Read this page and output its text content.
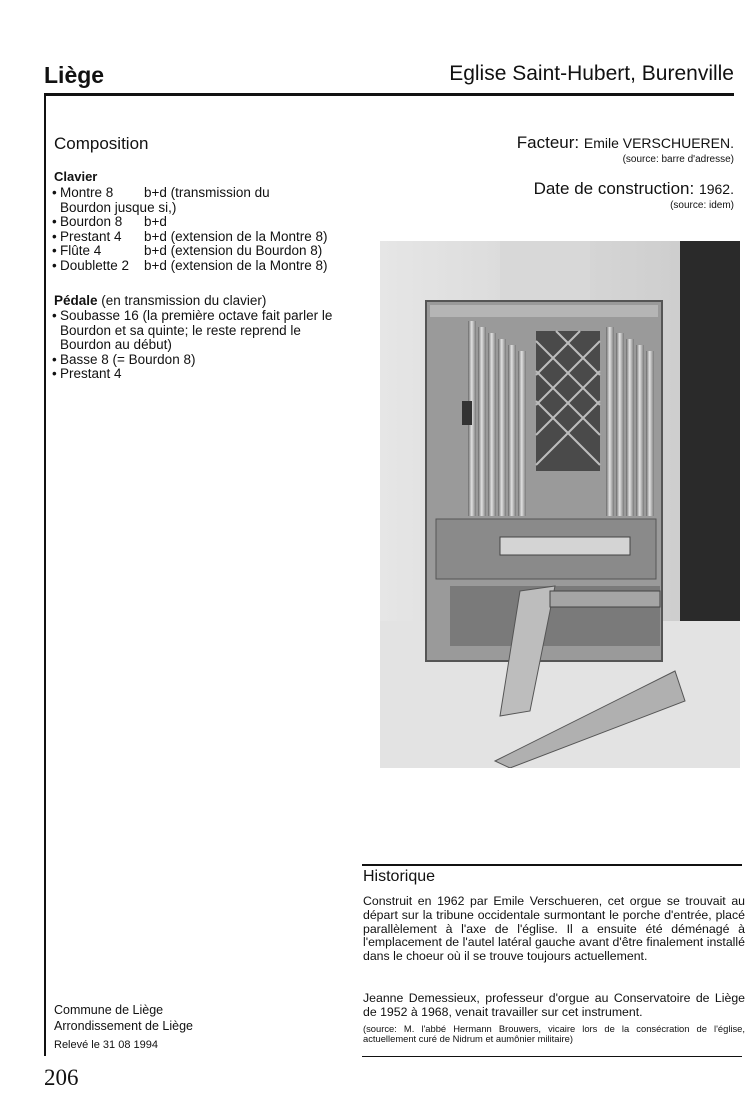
Liège	Eglise Saint-Hubert, Burenville
Composition
Clavier
• Montre 8 b+d (transmission du
Bourdon jusque si,)
• Bourdon 8 b+d
• Prestant 4 b+d (extension de la Montre 8)
• Flûte 4	b+d (extension du Bourdon 8)
• Doublette 2 b+d (extension de la Montre 8)
Pédale (en transmission du clavier)
• Soubasse 16 (la première octave fait parler le Bourdon et sa quinte; le reste reprend le Bourdon au début)
• Basse 8 (= Bourdon 8)
• Prestant 4
Facteur: Emile VERSCHUEREN.
(source: barre d'adresse)
Date de construction: 1962.
(source: idem)
Historique
Construit en 1962 par Emile Verschueren, cet orgue se trouvait au départ sur la tribune occidentale surmontant le porche d'entrée, placé parallèlement à l'axe de l'église. Il a ensuite été déménagé à l'emplacement de l'autel latéral gauche avant d'être finalement installé dans le choeur où il se trouve toujours actuellement.
Jeanne Demessieux, professeur d'orgue au Conservatoire de Liège de 1952 à 1968, venait travailler sur cet instrument.
(source: M. l'abbé Hermann Brouwers, vicaire lors de la consécration de l'église, actuellement curé de Nidrum et aumônier militaire)
Commune de Liège
Arrondissement de Liège
Relevé le 31 08 1994
206
